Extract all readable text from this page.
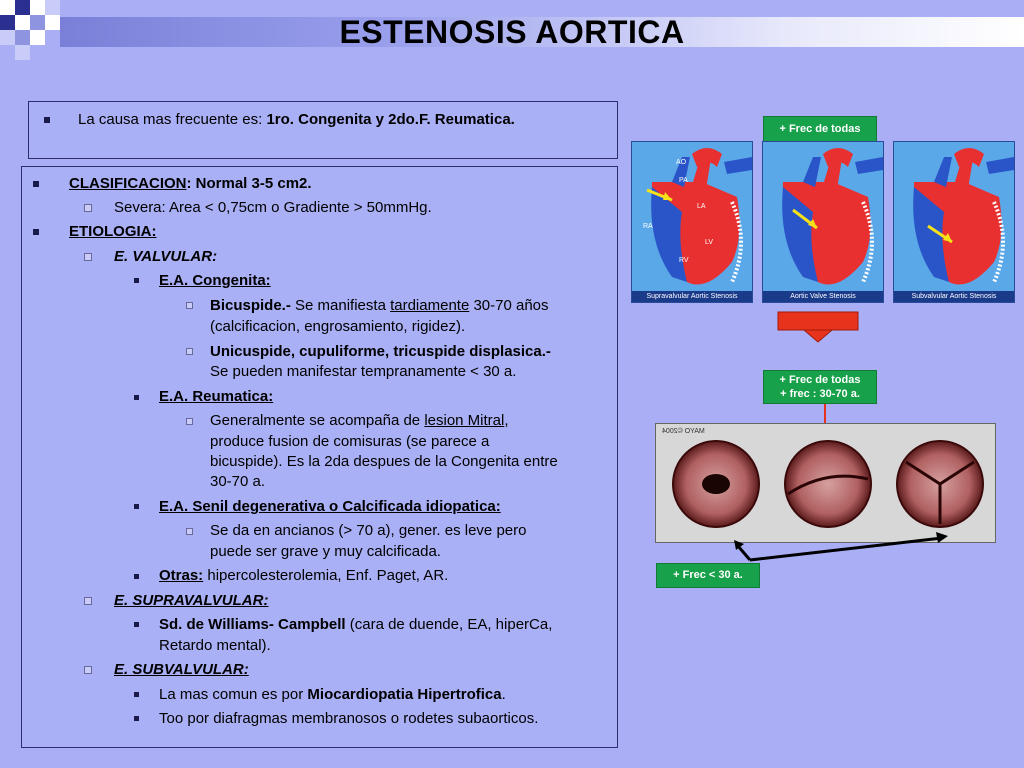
ESTENOSIS AORTICA
La causa mas frecuente es: 1ro. Congenita y 2do.F. Reumatica.
CLASIFICACION: Normal 3-5 cm2.
Severa: Area < 0,75cm o Gradiente > 50mmHg.
ETIOLOGIA:
E. VALVULAR:
E.A. Congenita:
Bicuspide.- Se manifiesta tardiamente 30-70 años
(calcificacion, engrosamiento, rigidez).
Unicuspide, cupuliforme, tricuspide displasica.-
Se pueden manifestar tempranamente < 30 a.
E.A. Reumatica:
Generalmente se acompaña de lesion Mitral,
produce fusion de comisuras (se parece a
bicuspide). Es la 2da despues de la Congenita entre
30-70 a.
E.A. Senil degenerativa o Calcificada idiopatica:
Se da en ancianos (> 70 a), gener. es leve pero
puede ser grave y muy calcificada.
Otras: hipercolesterolemia, Enf. Paget, AR.
E. SUPRAVALVULAR:
Sd. de Williams- Campbell (cara de duende, EA, hiperCa,
Retardo mental).
E. SUBVALVULAR:
La mas comun es por Miocardiopatia Hipertrofica.
Too por diafragmas membranosos o rodetes subaorticos.
+ Frec de todas
Supravalvular Aortic Stenosis	Aortic Valve Stenosis	Subvalvular Aortic Stenosis
AO
PA
LA
RA
LV
RV
+ Frec de todas
+ frec : 30-70 a.
MAYO ©2004
+ Frec < 30 a.
